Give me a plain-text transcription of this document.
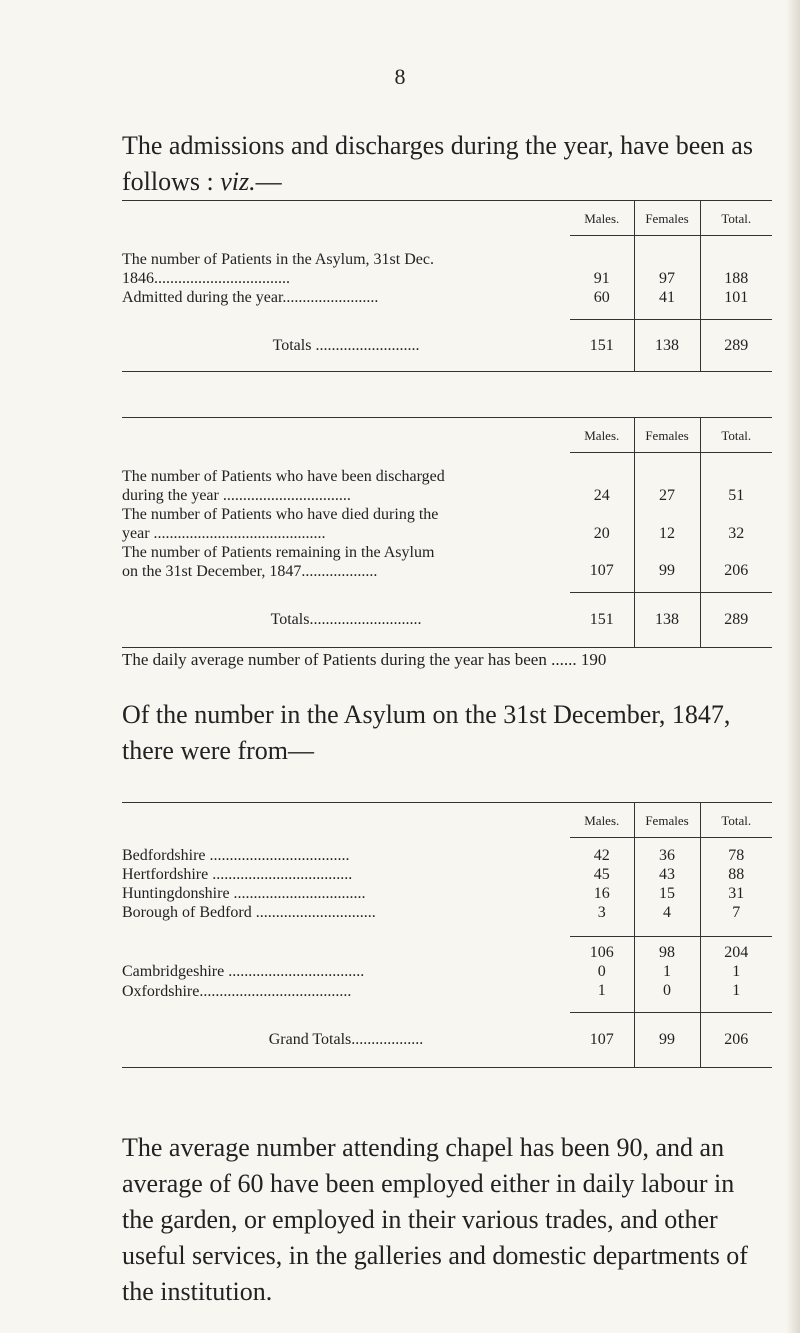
8
The admissions and discharges during the year, have been as follows : viz.—
	Males.	Females	Total.

The number of Patients in the Asylum, 31st Dec.
1846..................................	91	97	188

Admitted during the year........................	60	41	101

Totals ..........................	151	138	289
	Males.	Females	Total.

The number of Patients who have been discharged
during the year ................................	24	27	51

The number of Patients who have died during the
year ...........................................	20	12	32

The number of Patients remaining in the Asylum
on the 31st December, 1847...................	107	99	206

Totals............................	151	138	289
The daily average number of Patients during the year has been ...... 190
Of the number in the Asylum on the 31st December, 1847, there were from—
	Males.	Females	Total.

Bedfordshire ...................................	42	36	78

Hertfordshire ...................................	45	43	88

Huntingdonshire .................................	16	15	31

Borough of Bedford ..............................	3	4	7
	106	98	204

Cambridgeshire ..................................	0	1	1

Oxfordshire......................................	1	0	1

Grand Totals..................	107	99	206
The average number attending chapel has been 90, and an average of 60 have been employed either in daily labour in the garden, or employed in their various trades, and other useful services, in the galleries and domestic departments of the institution.
